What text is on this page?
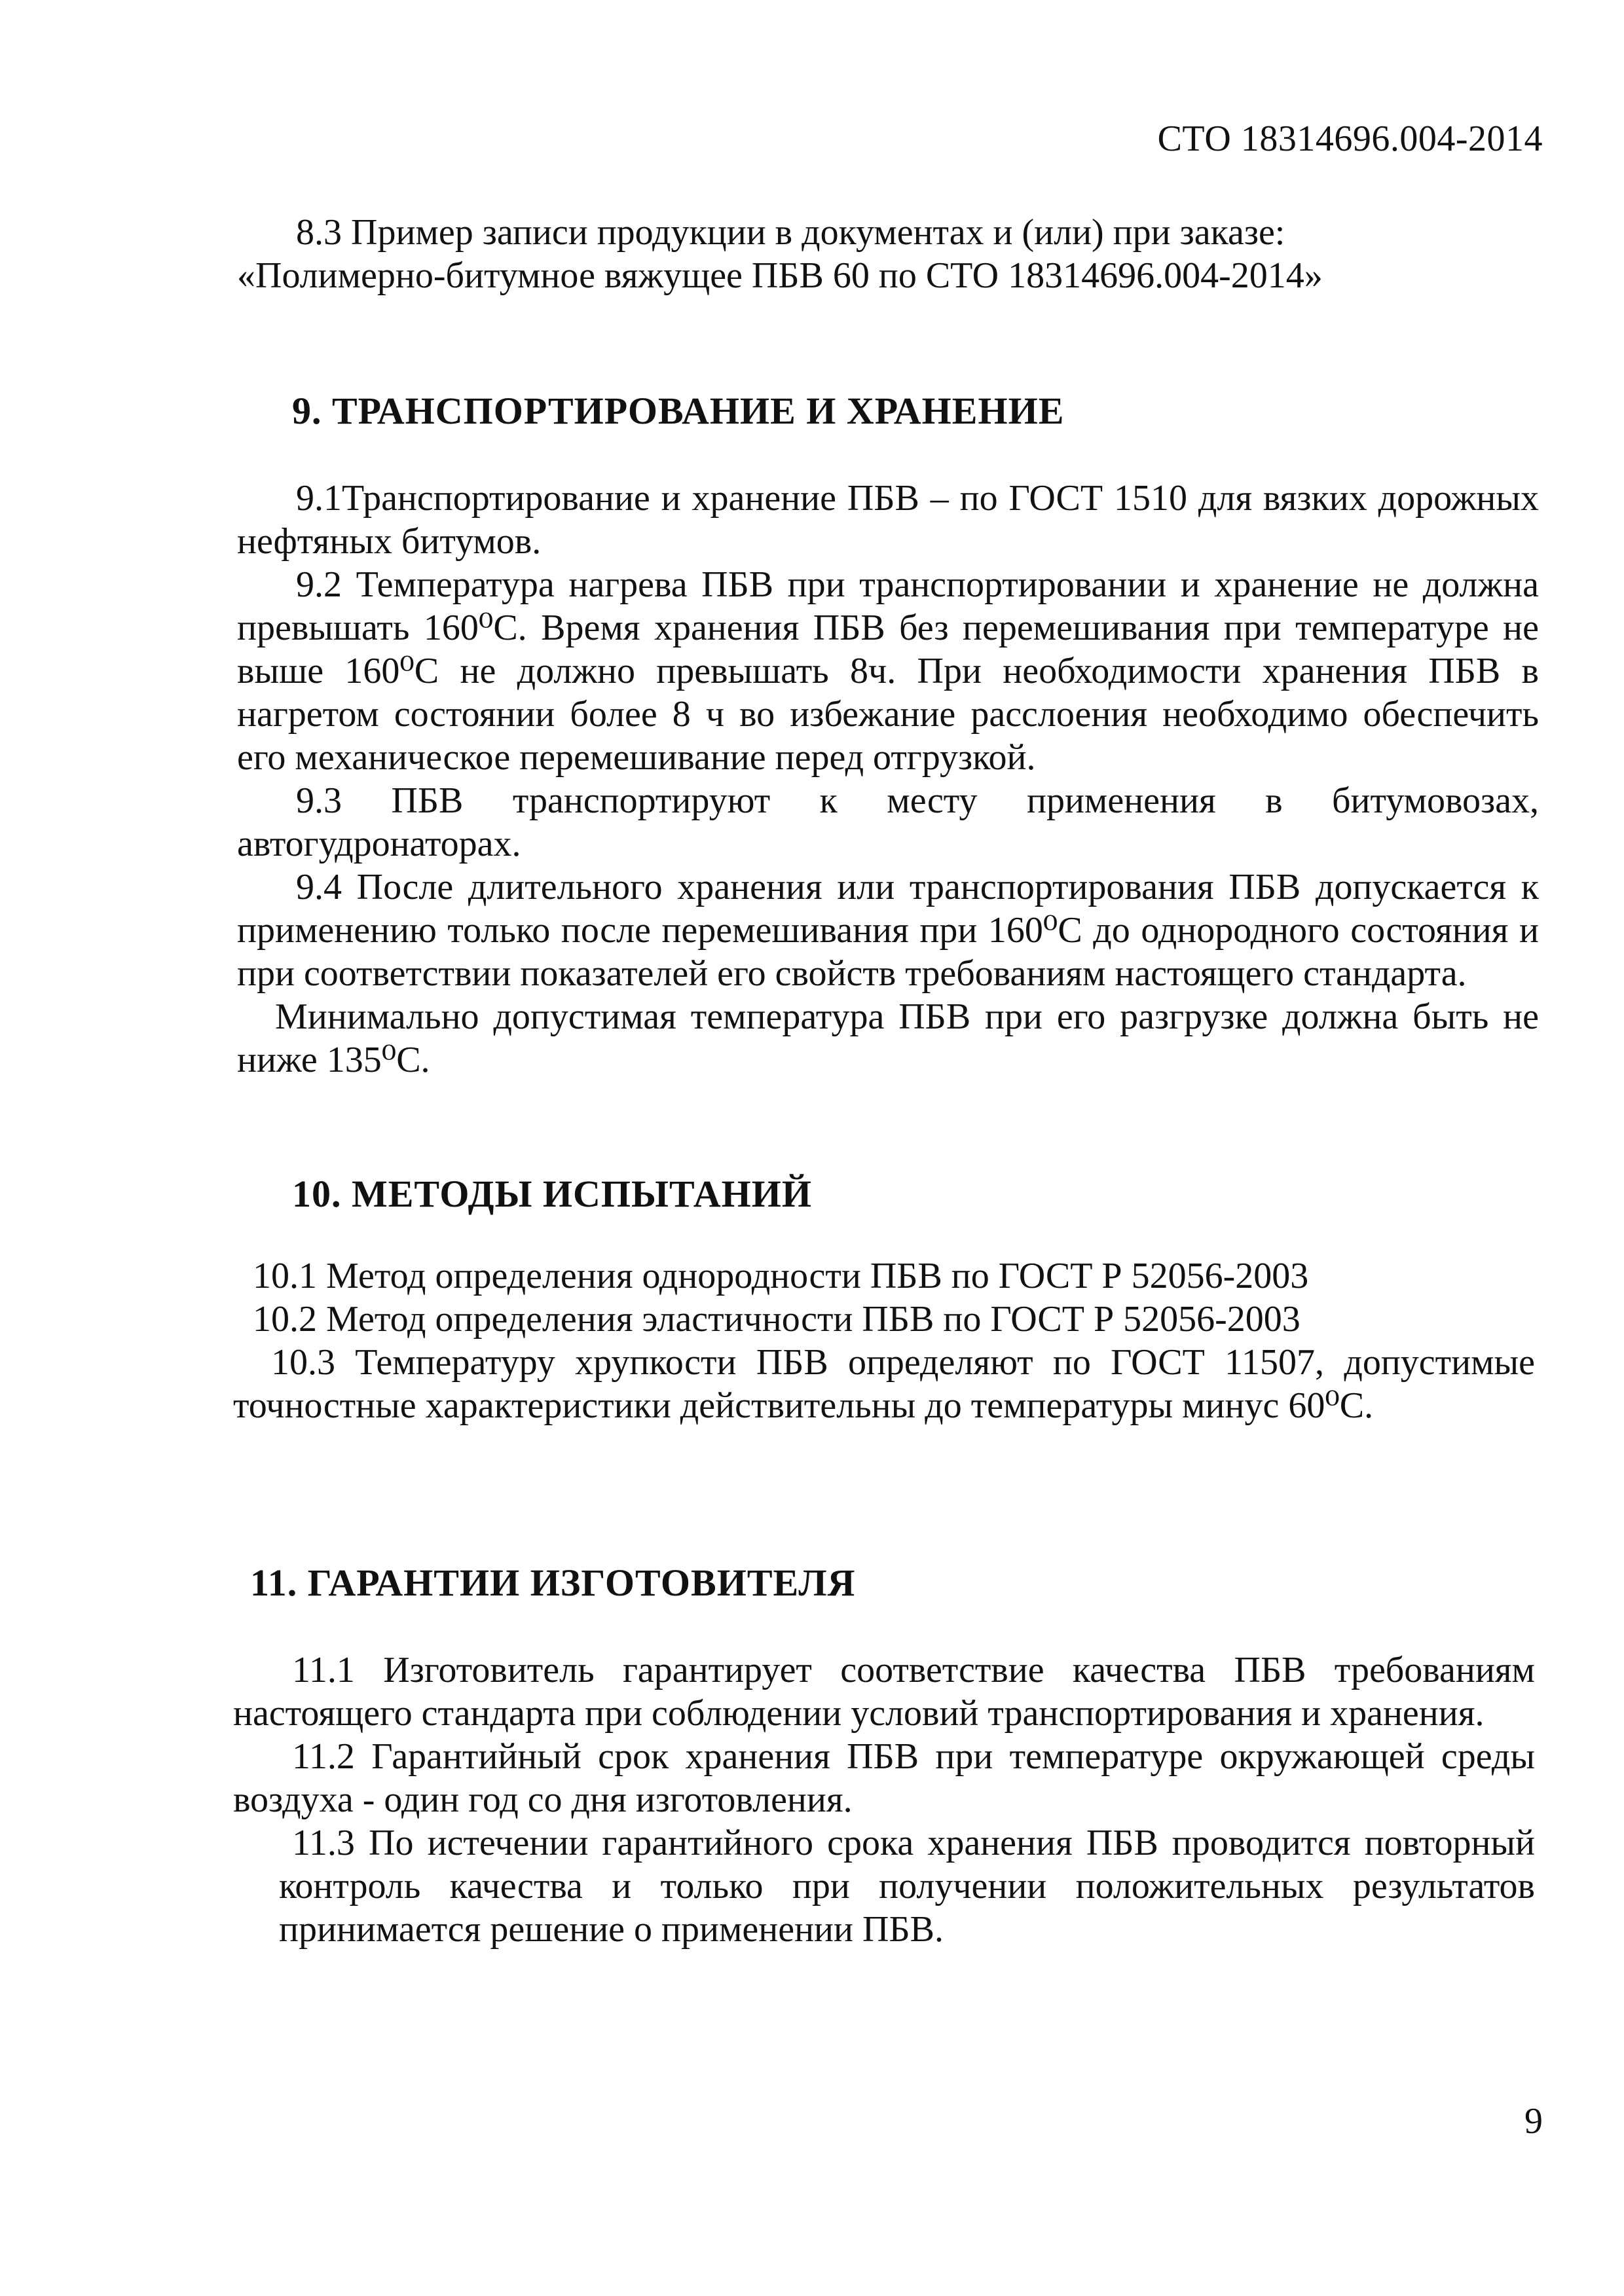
СТО 18314696.004-2014

8.3 Пример записи продукции в документах и (или) при заказе:

«Полимерно-битумное вяжущее ПБВ 60 по СТО 18314696.004-2014»

9. ТРАНСПОРТИРОВАНИЕ И ХРАНЕНИЕ

9.1Транспортирование и хранение ПБВ – по ГОСТ 1510 для вязких дорожных нефтяных битумов.

9.2 Температура нагрева ПБВ при транспортировании и хранение не должна превышать 160⁰С. Время хранения ПБВ без перемешивания при температуре не выше 160⁰С не должно превышать 8ч. При необходимости хранения ПБВ в нагретом состоянии более 8 ч во избежание расслоения необходимо обеспечить его механическое перемешивание перед отгрузкой.

9.3 ПБВ транспортируют к месту применения в битумовозах, автогудронаторах.

9.4 После длительного хранения или транспортирования ПБВ допускается к применению только после перемешивания при 160⁰С до однородного состояния и при соответствии показателей его свойств требованиям настоящего стандарта.

Минимально допустимая температура ПБВ при его разгрузке должна быть не ниже 135⁰С.

10. МЕТОДЫ ИСПЫТАНИЙ

10.1 Метод определения однородности ПБВ по ГОСТ Р 52056-2003

10.2 Метод определения эластичности ПБВ по ГОСТ Р 52056-2003

10.3 Температуру хрупкости ПБВ определяют по ГОСТ 11507, допустимые точностные характеристики действительны до температуры минус 60⁰С.

11. ГАРАНТИИ ИЗГОТОВИТЕЛЯ

11.1 Изготовитель гарантирует соответствие качества ПБВ требованиям настоящего стандарта при соблюдении условий транспортирования и хранения.

11.2 Гарантийный срок хранения ПБВ при температуре окружающей среды воздуха - один год со дня изготовления.

11.3 По истечении гарантийного срока хранения ПБВ проводится повторный контроль качества и только при получении положительных результатов принимается решение о применении ПБВ.

9
